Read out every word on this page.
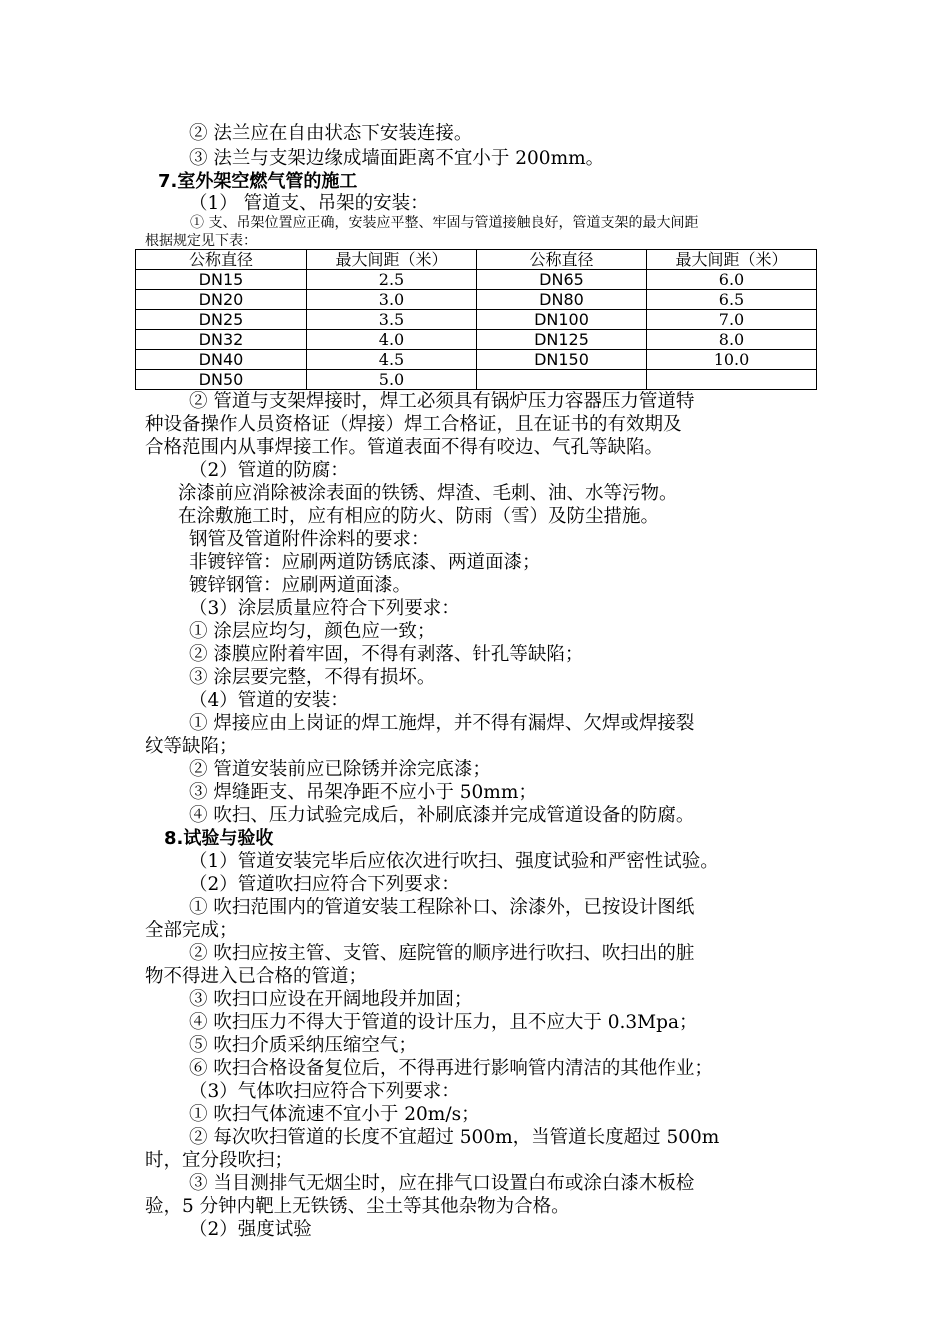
② 法兰应在自由状态下安装连接。
③ 法兰与支架边缘成墙面距离不宜小于 200mm。
7.室外架空燃气管的施工
（1） 管道支、吊架的安装：
① 支、吊架位置应正确，安装应平整、牢固与管道接触良好，管道支架的最大间距
根据规定见下表：
公称直径	最大间距（米）	公称直径	最大间距（米）
DN15	2.5	DN65	6.0
DN20	3.0	DN80	6.5
DN25	3.5	DN100	7.0
DN32	4.0	DN125	8.0
DN40	4.5	DN150	10.0
DN50	5.0		
② 管道与支架焊接时，焊工必须具有锅炉压力容器压力管道特
种设备操作人员资格证（焊接）焊工合格证，且在证书的有效期及
合格范围内从事焊接工作。管道表面不得有咬边、气孔等缺陷。
（2）管道的防腐：
涂漆前应消除被涂表面的铁锈、焊渣、毛刺、油、水等污物。
在涂敷施工时，应有相应的防火、防雨（雪）及防尘措施。
钢管及管道附件涂料的要求：
非镀锌管：应刷两道防锈底漆、两道面漆；
镀锌钢管：应刷两道面漆。
（3）涂层质量应符合下列要求：
① 涂层应均匀，颜色应一致；
② 漆膜应附着牢固，不得有剥落、针孔等缺陷；
③ 涂层要完整，不得有损坏。
（4）管道的安装：
① 焊接应由上岗证的焊工施焊，并不得有漏焊、欠焊或焊接裂
纹等缺陷；
② 管道安装前应已除锈并涂完底漆；
③ 焊缝距支、吊架净距不应小于 50mm；
④ 吹扫、压力试验完成后，补刷底漆并完成管道设备的防腐。
8.试验与验收
（1）管道安装完毕后应依次进行吹扫、强度试验和严密性试验。
（2）管道吹扫应符合下列要求：
① 吹扫范围内的管道安装工程除补口、涂漆外，已按设计图纸
全部完成；
② 吹扫应按主管、支管、庭院管的顺序进行吹扫、吹扫出的脏
物不得进入已合格的管道；
③ 吹扫口应设在开阔地段并加固；
④ 吹扫压力不得大于管道的设计压力，且不应大于 0.3Mpa；
⑤ 吹扫介质采纳压缩空气；
⑥ 吹扫合格设备复位后，不得再进行影响管内清洁的其他作业；
（3）气体吹扫应符合下列要求：
① 吹扫气体流速不宜小于 20m/s；
② 每次吹扫管道的长度不宜超过 500m，当管道长度超过 500m
时，宜分段吹扫；
③ 当目测排气无烟尘时，应在排气口设置白布或涂白漆木板检
验，5 分钟内靶上无铁锈、尘土等其他杂物为合格。
（2）强度试验
